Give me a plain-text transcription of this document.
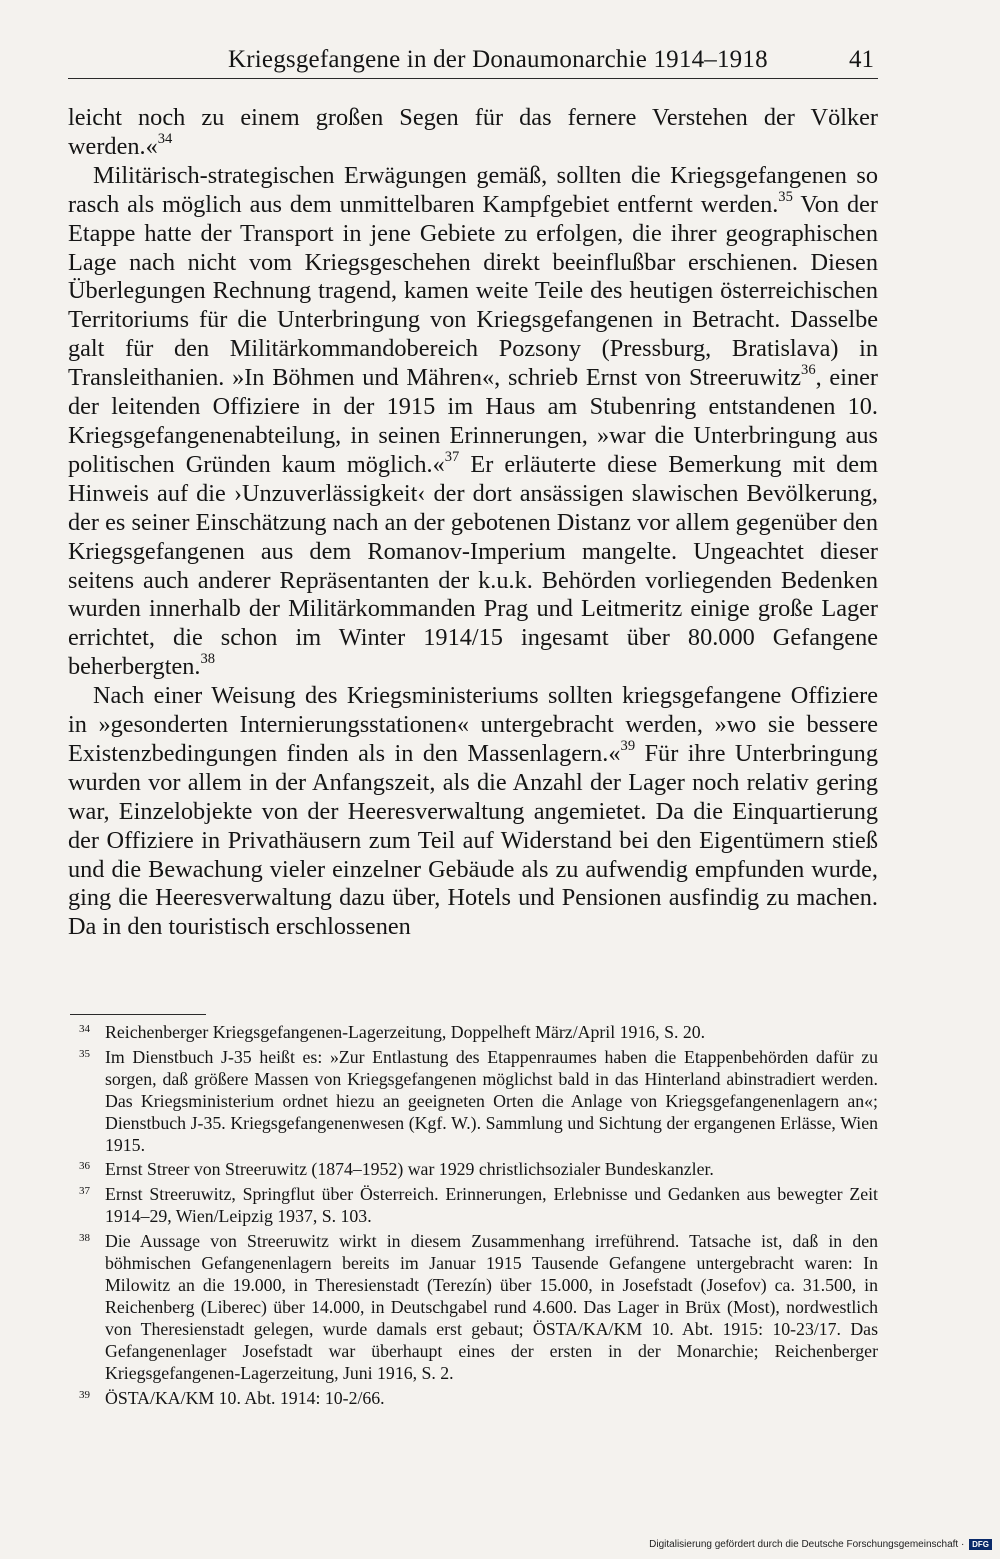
Kriegsgefangene in der Donaumonarchie 1914–1918	41

leicht noch zu einem großen Segen für das fernere Verstehen der Völker werden.«$^{34}$

Militärisch-strategischen Erwägungen gemäß, sollten die Kriegsgefangenen so rasch als möglich aus dem unmittelbaren Kampfgebiet entfernt werden.$^{35}$ Von der Etappe hatte der Transport in jene Gebiete zu erfolgen, die ihrer geographischen Lage nach nicht vom Kriegsgeschehen direkt beeinflußbar erschienen. Diesen Überlegungen Rechnung tragend, kamen weite Teile des heutigen österreichischen Territoriums für die Unterbringung von Kriegsgefangenen in Betracht. Dasselbe galt für den Militärkommandobereich Pozsony (Pressburg, Bratislava) in Transleithanien. »In Böhmen und Mähren«, schrieb Ernst von Streeruwitz$^{36}$, einer der leitenden Offiziere in der 1915 im Haus am Stubenring entstandenen 10. Kriegsgefangenenabteilung, in seinen Erinnerungen, »war die Unterbringung aus politischen Gründen kaum möglich.«$^{37}$ Er erläuterte diese Bemerkung mit dem Hinweis auf die ›Unzuverlässigkeit‹ der dort ansässigen slawischen Bevölkerung, der es seiner Einschätzung nach an der gebotenen Distanz vor allem gegenüber den Kriegsgefangenen aus dem Romanov-Imperium mangelte. Ungeachtet dieser seitens auch anderer Repräsentanten der k.u.k. Behörden vorliegenden Bedenken wurden innerhalb der Militärkommanden Prag und Leitmeritz einige große Lager errichtet, die schon im Winter 1914/15 ingesamt über 80.000 Gefangene beherbergten.$^{38}$

Nach einer Weisung des Kriegsministeriums sollten kriegsgefangene Offiziere in »gesonderten Internierungsstationen« untergebracht werden, »wo sie bessere Existenzbedingungen finden als in den Massenlagern.«$^{39}$ Für ihre Unterbringung wurden vor allem in der Anfangszeit, als die Anzahl der Lager noch relativ gering war, Einzelobjekte von der Heeresverwaltung angemietet. Da die Einquartierung der Offiziere in Privathäusern zum Teil auf Widerstand bei den Eigentümern stieß und die Bewachung vieler einzelner Gebäude als zu aufwendig empfunden wurde, ging die Heeresverwaltung dazu über, Hotels und Pensionen ausfindig zu machen. Da in den touristisch erschlossenen

34 Reichenberger Kriegsgefangenen-Lagerzeitung, Doppelheft März/April 1916, S. 20.
35 Im Dienstbuch J-35 heißt es: »Zur Entlastung des Etappenraumes haben die Etappenbehörden dafür zu sorgen, daß größere Massen von Kriegsgefangenen möglichst bald in das Hinterland abinstradiert werden. Das Kriegsministerium ordnet hiezu an geeigneten Orten die Anlage von Kriegsgefangenenlagern an«; Dienstbuch J-35. Kriegsgefangenenwesen (Kgf. W.). Sammlung und Sichtung der ergangenen Erlässe, Wien 1915.
36 Ernst Streer von Streeruwitz (1874–1952) war 1929 christlichsozialer Bundeskanzler.
37 Ernst Streeruwitz, Springflut über Österreich. Erinnerungen, Erlebnisse und Gedanken aus bewegter Zeit 1914–29, Wien/Leipzig 1937, S. 103.
38 Die Aussage von Streeruwitz wirkt in diesem Zusammenhang irreführend. Tatsache ist, daß in den böhmischen Gefangenenlagern bereits im Januar 1915 Tausende Gefangene untergebracht waren: In Milowitz an die 19.000, in Theresienstadt (Terezín) über 15.000, in Josefstadt (Josefov) ca. 31.500, in Reichenberg (Liberec) über 14.000, in Deutschgabel rund 4.600. Das Lager in Brüx (Most), nordwestlich von Theresienstadt gelegen, wurde damals erst gebaut; ÖSTA/KA/KM 10. Abt. 1915: 10-23/17. Das Gefangenenlager Josefstadt war überhaupt eines der ersten in der Monarchie; Reichenberger Kriegsgefangenen-Lagerzeitung, Juni 1916, S. 2.
39 ÖSTA/KA/KM 10. Abt. 1914: 10-2/66.
Digitalisierung gefördert durch die Deutsche Forschungsgemeinschaft · DFG
